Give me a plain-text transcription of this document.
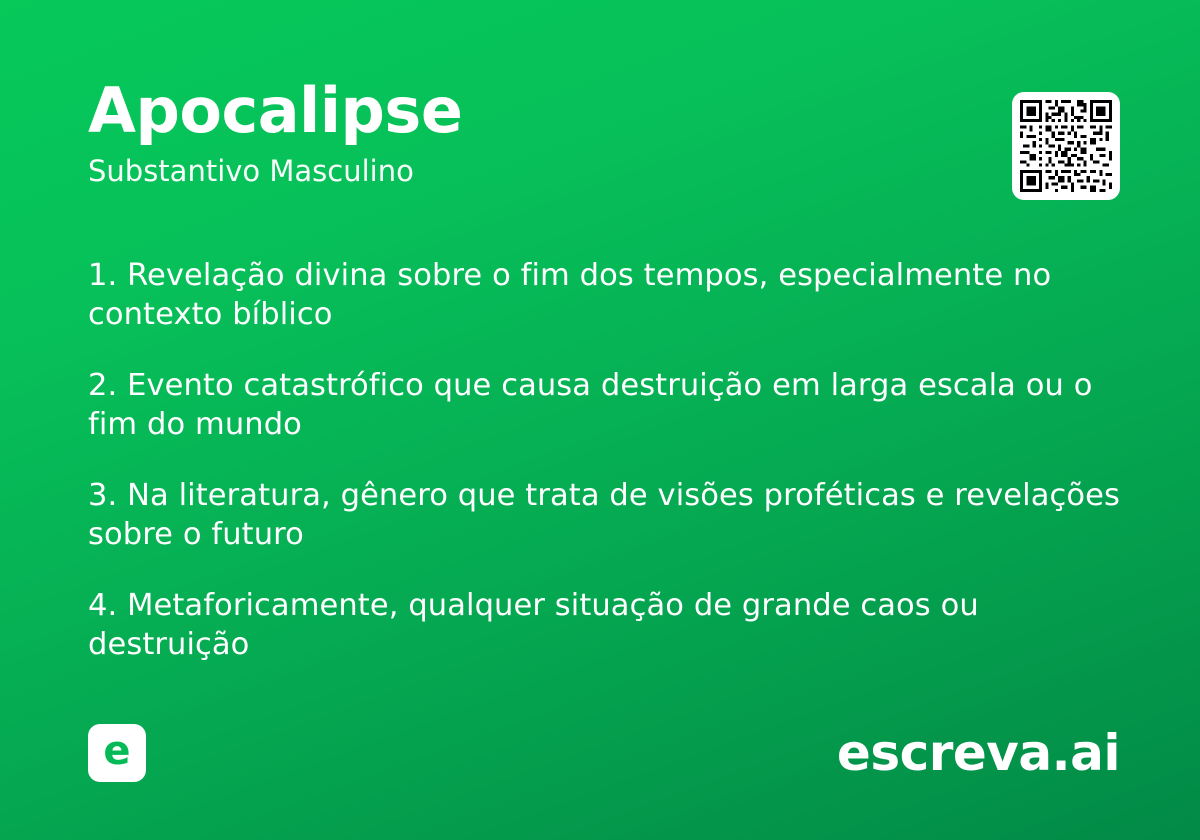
Apocalipse

Substantivo Masculino

1. Revelação divina sobre o fim dos tempos, especialmente no contexto bíblico

2. Evento catastrófico que causa destruição em larga escala ou o fim do mundo

3. Na literatura, gênero que trata de visões proféticas e revelações sobre o futuro

4. Metaforicamente, qualquer situação de grande caos ou destruição

e	escreva.ai
